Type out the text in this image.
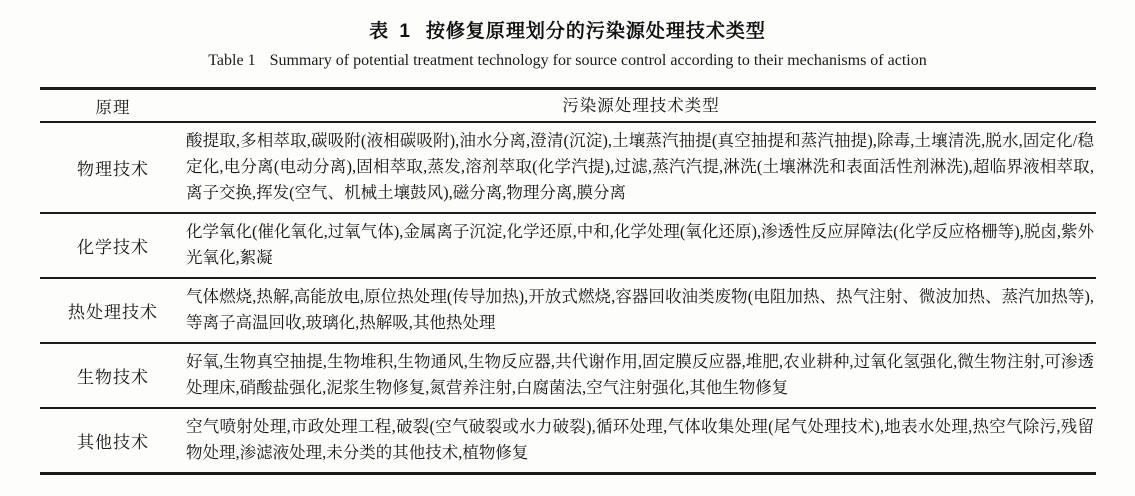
表 1 按修复原理划分的污染源处理技术类型
Table 1 Summary of potential treatment technology for source control according to their mechanisms of action
原理	污染源处理技术类型
物理技术
酸提取,多相萃取,碳吸附(液相碳吸附),油水分离,澄清(沉淀),土壤蒸汽抽提(真空抽提和蒸汽抽提),除毒,土壤清洗,脱水,固定化/稳定化,电分离(电动分离),固相萃取,蒸发,溶剂萃取(化学汽提),过滤,蒸汽汽提,淋洗(土壤淋洗和表面活性剂淋洗),超临界液相萃取,离子交换,挥发(空气、机械土壤鼓风),磁分离,物理分离,膜分离
化学技术
化学氧化(催化氧化,过氧气体),金属离子沉淀,化学还原,中和,化学处理(氧化还原),渗透性反应屏障法(化学反应格栅等),脱卤,紫外光氧化,絮凝
热处理技术
气体燃烧,热解,高能放电,原位热处理(传导加热),开放式燃烧,容器回收油类废物(电阻加热、热气注射、微波加热、蒸汽加热等),等离子高温回收,玻璃化,热解吸,其他热处理
生物技术
好氧,生物真空抽提,生物堆积,生物通风,生物反应器,共代谢作用,固定膜反应器,堆肥,农业耕种,过氧化氢强化,微生物注射,可渗透处理床,硝酸盐强化,泥浆生物修复,氮营养注射,白腐菌法,空气注射强化,其他生物修复
其他技术
空气喷射处理,市政处理工程,破裂(空气破裂或水力破裂),循环处理,气体收集处理(尾气处理技术),地表水处理,热空气除污,残留物处理,渗滤液处理,未分类的其他技术,植物修复
